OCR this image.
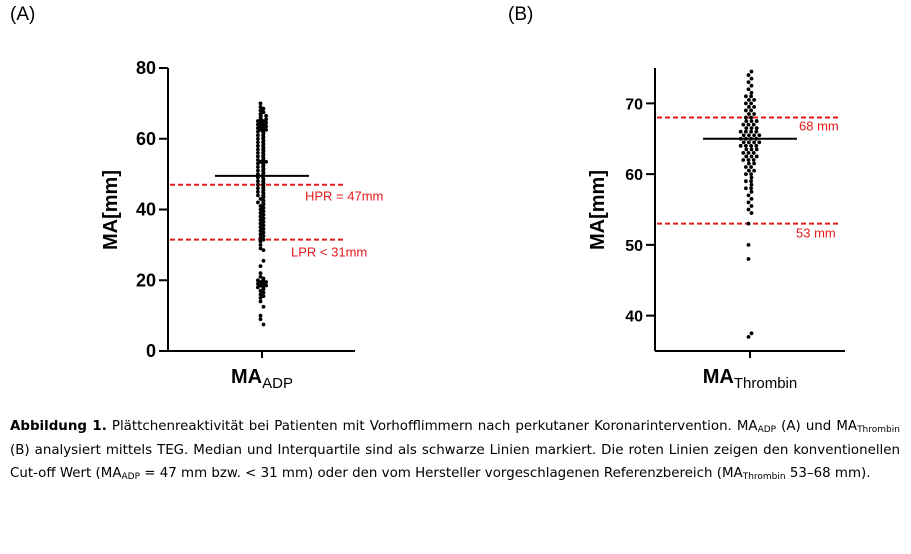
(A)	(B)
0
20
40
60
80
MA[mm]
$MA_{ADP}$
HPR = 47mm
LPR < 31mm
40
50
60
70
MA[mm]
$MA_{Thrombin}$
68 mm
53 mm
Abbildung 1. Plättchenreaktivität bei Patienten mit Vorhofflimmern nach perkutaner Koronarintervention. $MA_{ADP}$ (A) und $MA_{Thrombin}$ (B) analysiert mittels TEG. Median und Interquartile sind als schwarze Linien markiert. Die roten Linien zeigen den konventionellen Cut-off Wert ($MA_{ADP} = 47$ mm bzw. < 31 mm) oder den vom Hersteller vorgeschlagenen Referenzbereich ($MA_{Thrombin}$ 53–68 mm).
